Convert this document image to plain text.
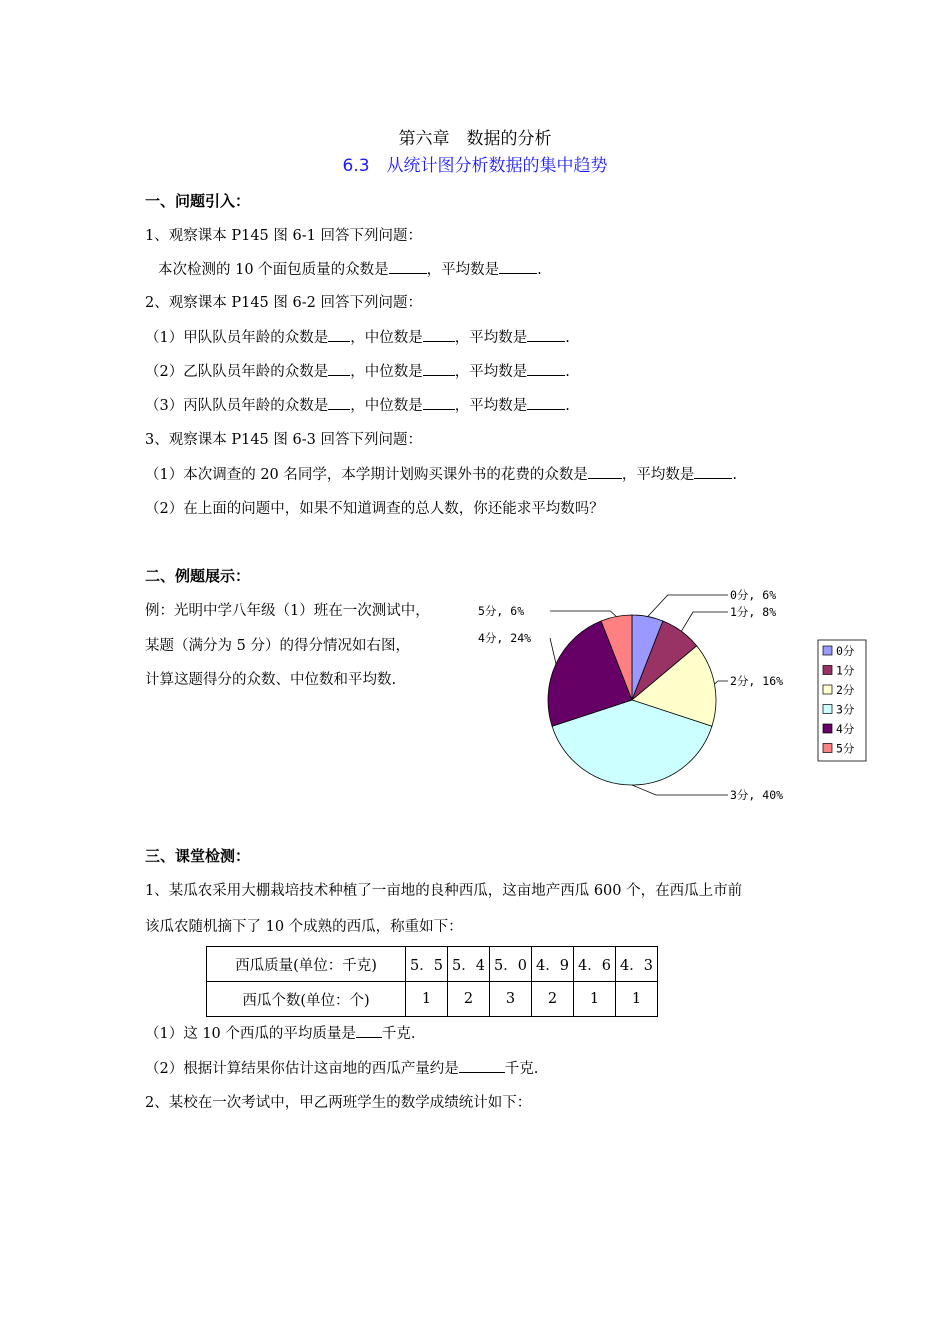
第六章　数据的分析
6.3　从统计图分析数据的集中趋势
一、问题引入：
1、观察课本 P145 图 6-1 回答下列问题：
本次检测的 10 个面包质量的众数是	，平均数是	.
2、观察课本 P145 图 6-2 回答下列问题：
（1）甲队队员年龄的众数是 ，中位数是 ，平均数是	.
（2）乙队队员年龄的众数是 ，中位数是 ，平均数是	.
（3）丙队队员年龄的众数是 ，中位数是 ，平均数是	.
3、观察课本 P145 图 6-3 回答下列问题：
（1）本次调查的 20 名同学，本学期计划购买课外书的花费的众数是 ，平均数是	.
（2）在上面的问题中，如果不知道调查的总人数，你还能求平均数吗？
二、例题展示：
例：光明中学八年级（1）班在一次测试中，
某题（满分为 5 分）的得分情况如右图，
计算这题得分的众数、中位数和平均数.
0分, 6%
1分, 8%
2分, 16%
3分, 40%
4分, 24%
5分, 6%
0分
1分
2分
3分
4分
5分
三、课堂检测：
1、某瓜农采用大棚栽培技术种植了一亩地的良种西瓜，这亩地产西瓜 600 个，在西瓜上市前
该瓜农随机摘下了 10 个成熟的西瓜，称重如下：
西瓜质量(单位：千克)	5．5	5．4	5．0	4．9	4．6	4．3
西瓜个数(单位：个)	1	2	3	2	1	1
（1）这 10 个西瓜的平均质量是 千克.
（2）根据计算结果你估计这亩地的西瓜产量约是	千克.
2、某校在一次考试中，甲乙两班学生的数学成绩统计如下：
